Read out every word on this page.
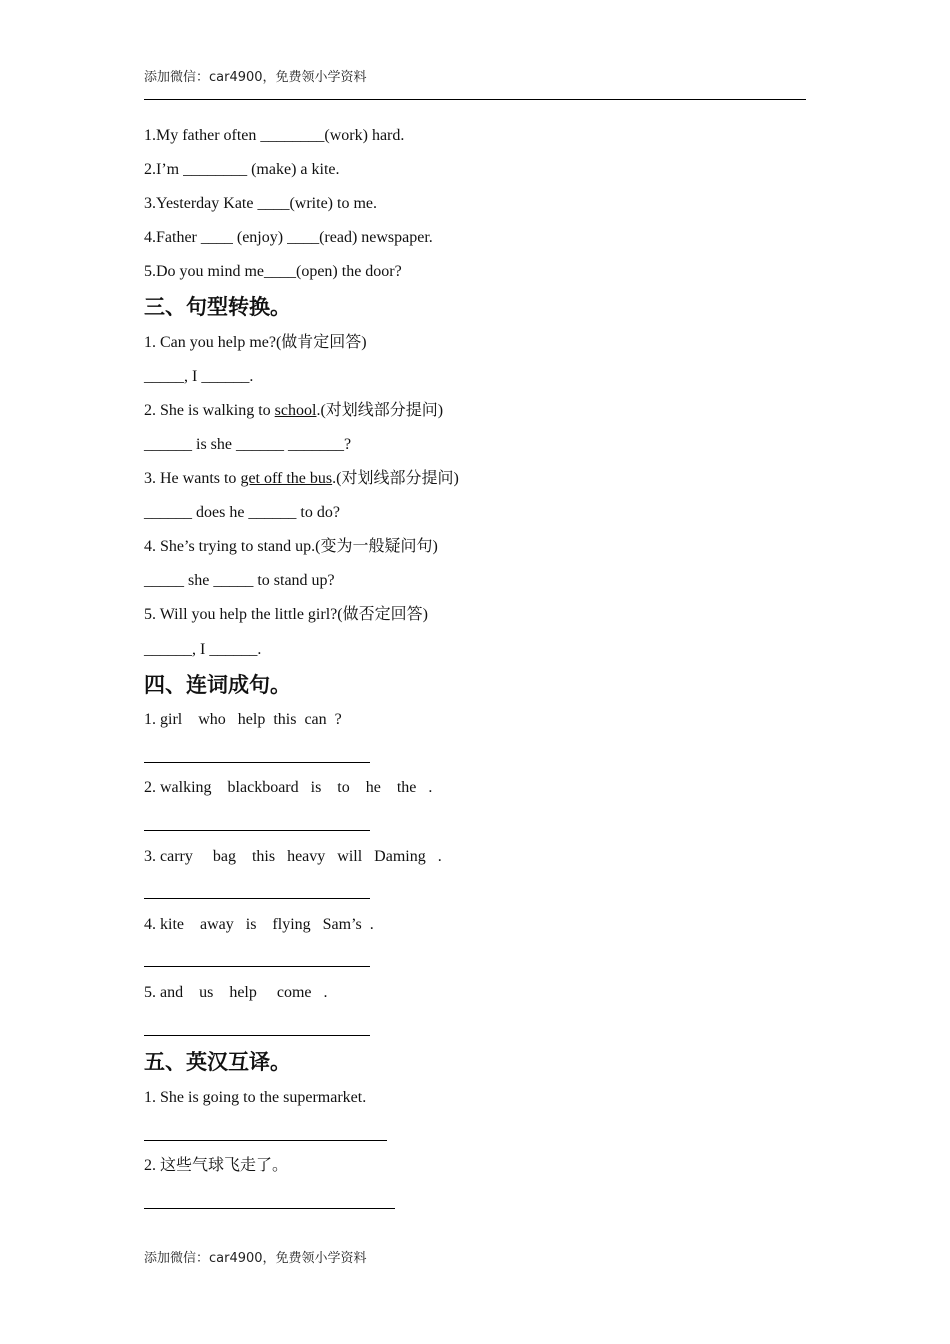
添加微信：car4900，免费领小学资料
1.My father often ________(work) hard.
2.I’m ________ (make) a kite.
3.Yesterday Kate ____(write) to me.
4.Father ____ (enjoy) ____(read) newspaper.
5.Do you mind me____(open) the door?
三、句型转换。
1. Can you help me?(做肯定回答)
_____, I ______.
2. She is walking to school.(对划线部分提问)
______ is she ______ _______?
3. He wants to get off the bus.(对划线部分提问)
______ does he ______ to do?
4. She’s trying to stand up.(变为一般疑问句)
_____ she _____ to stand up?
5. Will you help the little girl?(做否定回答)
______, I ______.
四、连词成句。
1. girl    who   help  this  can  ?
2. walking    blackboard   is    to    he    the   .
3. carry     bag    this   heavy   will   Daming   .
4. kite    away   is    flying   Sam’s  .
5. and    us    help     come   .
五、英汉互译。
1. She is going to the supermarket.
2. 这些气球飞走了。
添加微信：car4900，免费领小学资料
